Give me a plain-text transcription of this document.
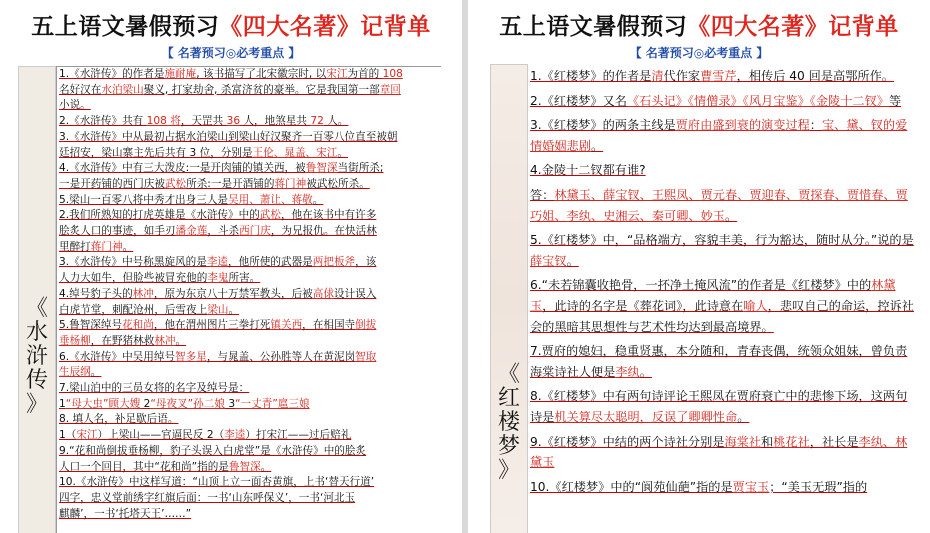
五上语文暑假预习《四大名著》记背单
【 名著预习◎必考重点 】
《
水
浒
传
》
1.《水浒传》的作者是施耐庵, 该书描写了北宋徽宗时, 以宋江为首的 108
名好汉在水泊梁山聚义, 打家劫舍, 杀富济贫的豪举。它是我国第一部章回
小说。
2.《水浒传》共有 108 将，天罡共 36 人，地煞星共 72 人。
3.《水浒传》中从最初占据水泊梁山到梁山好汉聚齐一百零八位直至被朝
廷招安，梁山寨主先后共有 3 位，分别是王伦、晁盖、宋江。
4.《水浒传》中有三大泼皮:一是开肉铺的镇关西，被鲁智深当街所杀;
一是开药铺的西门庆被武松所杀:一是开酒铺的蒋门神被武松所杀。
5.梁山一百零八将中秀才出身三人是吴用、萧让、蒋敬。
2.我们所熟知的打虎英雄是《水浒传》中的武松，他在该书中有许多
脍炙人口的事迹，如手刃潘金莲，斗杀西门庆，为兄报仇。在快活林
里醉打蒋门神。
3.《水浒传》中号称黑旋风的是李逵，他所使的武器是两把板斧，该
人力大如牛，但脸些被冒充他的李鬼所害。
4.绰号豹子头的林冲，原为东京八十万禁军教头，后被高俅设计误入
白虎节堂，刺配沧州，后雪夜上梁山。
5.鲁智深绰号花和尚，他在渭州图片三拳打死镇关西，在相国寺倒拔
垂杨柳，在野猪林救林冲。
6.《水浒传》中吴用绰号智多星，与晁盖、公孙胜等人在黄泥岗智取
生辰纲。
7.梁山泊中的三员女将的名字及绰号是：
1“母大虫”顾大嫂 2“母夜叉”孙二娘 3“一丈青”扈三娘
8. 填人名，补足歇后语。
1（宋江）上梁山——官逼民反 2（李逵）打宋江——过后赔礼
9.“花和尚倒拔垂杨柳，豹子头误入白虎堂”是《水浒传》中的脍炙
人口一个回目，其中“花和尚”指的是鲁智深。
10.《水浒传》中这样写道：“山顶上立一面杏黄旗，上书‘替天行道’
四字，忠义堂前绣字红旗后面：一书‘山东呼保义’，一书‘河北玉
麒麟’，一书‘托塔天王’……”
五上语文暑假预习《四大名著》记背单
【 名著预习◎必考重点 】
《
红
楼
梦
》
1.《红楼梦》的作者是清代作家曹雪芹，相传后 40 回是高鄂所作。
2.《红楼梦》又名《石头记》《情僧录》《风月宝鉴》《金陵十二钗》等
3.《红楼梦》的两条主线是贾府由盛到衰的演变过程：宝、黛、钗的爱情婚姻悲剧。
4.金陵十二钗都有谁?
答：林黛玉、薛宝钗、王熙凤、贾元春、贾迎春、贾探春、贾惜春、贾巧姐、李纨、史湘云、秦可卿、妙玉。
5.《红楼梦》中，“品格端方，容貌丰美，行为豁达，随时从分。”说的是薛宝钗。
6.“未若锦囊收艳骨，一抔净土掩风流”的作者是《红楼梦》中的林黛玉，此诗的名字是《葬花词》，此诗意在喻人，悲叹自己的命运，控诉社会的黑暗其思想性与艺术性均达到最高境界。
7.贾府的媳妇，稳重贤惠，本分随和，青春丧偶，统领众姐妹，曾负责海棠诗社人便是李纨。
8.《红楼梦》中有两句诗评论王熙凤在贾府衰亡中的悲惨下场，这两句诗是机关算尽太聪明，反误了卿卿性命。
9.《红楼梦》中结的两个诗社分别是海棠社和桃花社，社长是李纨、林黛玉
10.《红楼梦》中的“阆苑仙葩”指的是贾宝玉；“美玉无瑕”指的
